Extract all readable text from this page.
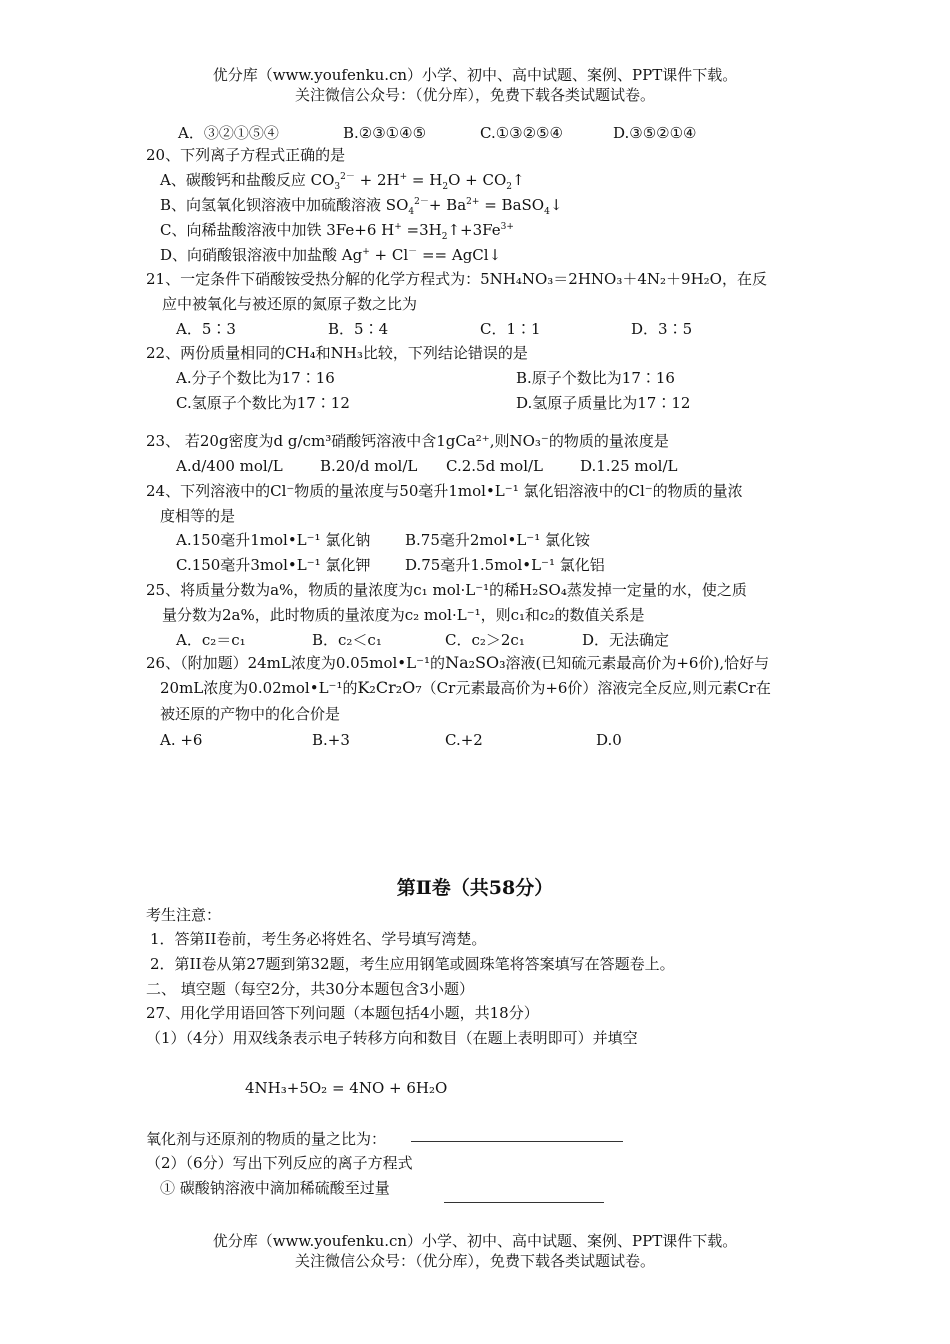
优分库（www.youfenku.cn）小学、初中、高中试题、案例、PPT课件下载。
关注微信公众号：（优分库），免费下载各类试题试卷。
A．③②①⑤④	B.②③①④⑤	C.①③②⑤④	D.③⑤②①④
20、下列离子方程式正确的是
A、碳酸钙和盐酸反应 $CO_3^{2-} + 2H^+ = H_2O$ + $CO_2↑$
B、向氢氧化钡溶液中加硫酸溶液 $SO_4^{2-}+ Ba^{2+}$ = BaSO$_4$↓
C、向稀盐酸溶液中加铁 3Fe+6 $H^+ =3H_2↑+3Fe^{3+}$
D、向硝酸银溶液中加盐酸 Ag+ + Cl－ == AgCl↓
21、一定条件下硝酸铵受热分解的化学方程式为：5NH₄NO₃＝2HNO₃＋4N₂＋9H₂O，在反
应中被氧化与被还原的氮原子数之比为
A．5∶3	B．5∶4	C．1∶1	D．3∶5
22、两份质量相同的CH₄和NH₃比较，下列结论错误的是
A.分子个数比为17∶16	B.原子个数比为17∶16
C.氢原子个数比为17∶12	D.氢原子质量比为17∶12
23、 若20g密度为d g/cm³硝酸钙溶液中含1gCa²⁺,则NO₃⁻的物质的量浓度是
A.d/400 mol/L B.20/d mol/L C.2.5d mol/L D.1.25 mol/L
24、下列溶液中的Cl⁻物质的量浓度与50毫升1mol•L⁻¹ 氯化铝溶液中的Cl⁻的物质的量浓
度相等的是
A.150毫升1mol•L⁻¹ 氯化钠 B.75毫升2mol•L⁻¹ 氯化铵
C.150毫升3mol•L⁻¹ 氯化钾 D.75毫升1.5mol•L⁻¹ 氯化铝
25、将质量分数为a%，物质的量浓度为c₁ mol·L⁻¹的稀H₂SO₄蒸发掉一定量的水，使之质
量分数为2a%，此时物质的量浓度为c₂ mol·L⁻¹，则c₁和c₂的数值关系是
A．c₂＝c₁	B．c₂＜c₁	C．c₂＞2c₁	D．无法确定
26、（附加题）24mL浓度为0.05mol•L⁻¹的Na₂SO₃溶液(已知硫元素最高价为+6价),恰好与
20mL浓度为0.02mol•L⁻¹的K₂Cr₂O₇（Cr元素最高价为+6价）溶液完全反应,则元素Cr在
被还原的产物中的化合价是
A. +6	B.+3	C.+2	D.0
第Ⅱ卷（共58分）
考生注意：
1．答第II卷前，考生务必将姓名、学号填写湾楚。
2．第II卷从第27题到第32题，考生应用钢笔或圆珠笔将答案填写在答题卷上。
二、 填空题（每空2分，共30分本题包含3小题）
27、用化学用语回答下列问题（本题包括4小题，共18分）
（1）（4分）用双线条表示电子转移方向和数目（在题上表明即可）并填空
4NH₃+5O₂ = 4NO + 6H₂O
氧化剂与还原剂的物质的量之比为：
（2）（6分）写出下列反应的离子方程式
① 碳酸钠溶液中滴加稀硫酸至过量
优分库（www.youfenku.cn）小学、初中、高中试题、案例、PPT课件下载。
关注微信公众号：（优分库），免费下载各类试题试卷。
